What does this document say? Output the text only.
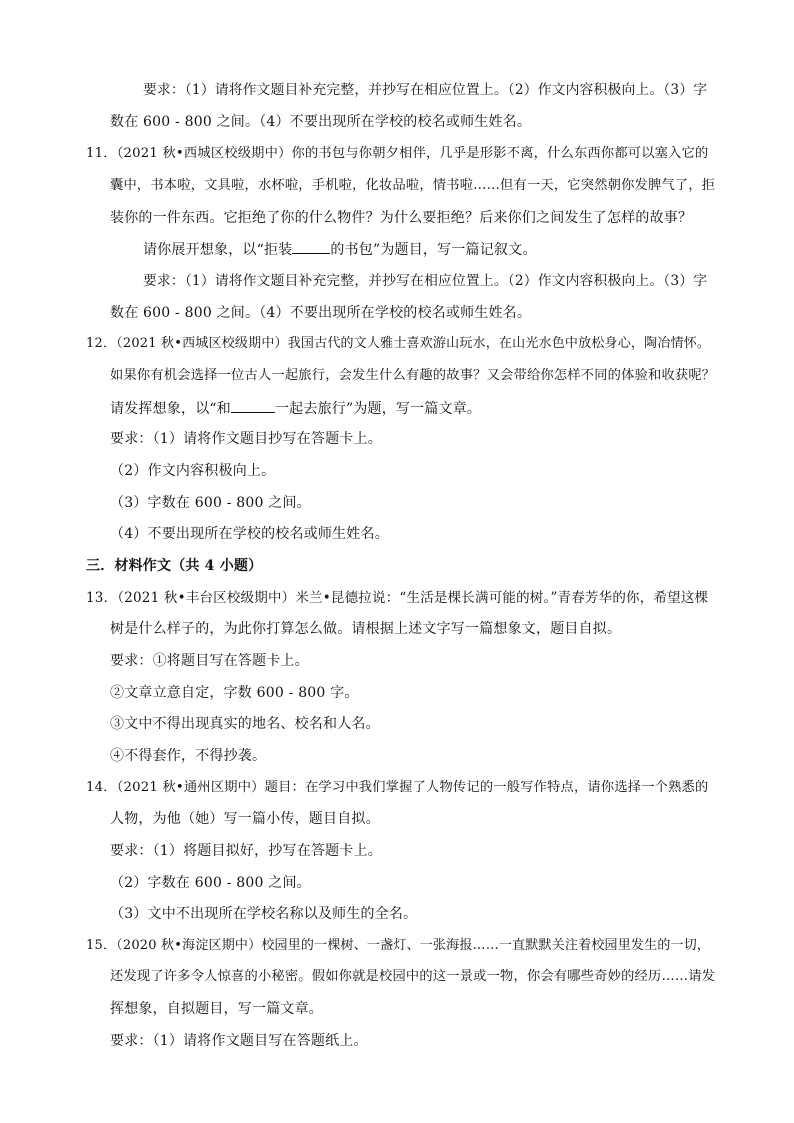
要求：（1）请将作文题目补充完整，并抄写在相应位置上。（2）作文内容积极向上。（3）字
数在 600 - 800 之间。（4）不要出现所在学校的校名或师生姓名。
11．（2021 秋•西城区校级期中）你的书包与你朝夕相伴，几乎是形影不离，什么东西你都可以塞入它的
囊中，书本啦，文具啦，水杯啦，手机啦，化妆品啦，情书啦……但有一天，它突然朝你发脾气了，拒
装你的一件东西。它拒绝了你的什么物件？为什么要拒绝？后来你们之间发生了怎样的故事？
请你展开想象，以“拒装	的书包”为题目，写一篇记叙文。
要求：（1）请将作文题目补充完整，并抄写在相应位置上。（2）作文内容积极向上。（3）字
数在 600 - 800 之间。（4）不要出现所在学校的校名或师生姓名。
12．（2021 秋•西城区校级期中）我国古代的文人雅士喜欢游山玩水，在山光水色中放松身心，陶冶情怀。
如果你有机会选择一位古人一起旅行，会发生什么有趣的故事？又会带给你怎样不同的体验和收获呢？
请发挥想象，以“和	一起去旅行”为题，写一篇文章。
要求：（1）请将作文题目抄写在答题卡上。
（2）作文内容积极向上。
（3）字数在 600 - 800 之间。
（4）不要出现所在学校的校名或师生姓名。
三．材料作文（共 4 小题）
13．（2021 秋•丰台区校级期中）米兰•昆德拉说：“生活是棵长满可能的树。”青春芳华的你，希望这棵
树是什么样子的，为此你打算怎么做。请根据上述文字写一篇想象文，题目自拟。
要求：①将题目写在答题卡上。
②文章立意自定，字数 600 - 800 字。
③文中不得出现真实的地名、校名和人名。
④不得套作，不得抄袭。
14．（2021 秋•通州区期中）题目：在学习中我们掌握了人物传记的一般写作特点，请你选择一个熟悉的
人物，为他（她）写一篇小传，题目自拟。
要求：（1）将题目拟好，抄写在答题卡上。
（2）字数在 600 - 800 之间。
（3）文中不出现所在学校名称以及师生的全名。
15．（2020 秋•海淀区期中）校园里的一棵树、一盏灯、一张海报……一直默默关注着校园里发生的一切，
还发现了许多令人惊喜的小秘密。假如你就是校园中的这一景或一物，你会有哪些奇妙的经历……请发
挥想象，自拟题目，写一篇文章。
要求：（1）请将作文题目写在答题纸上。
